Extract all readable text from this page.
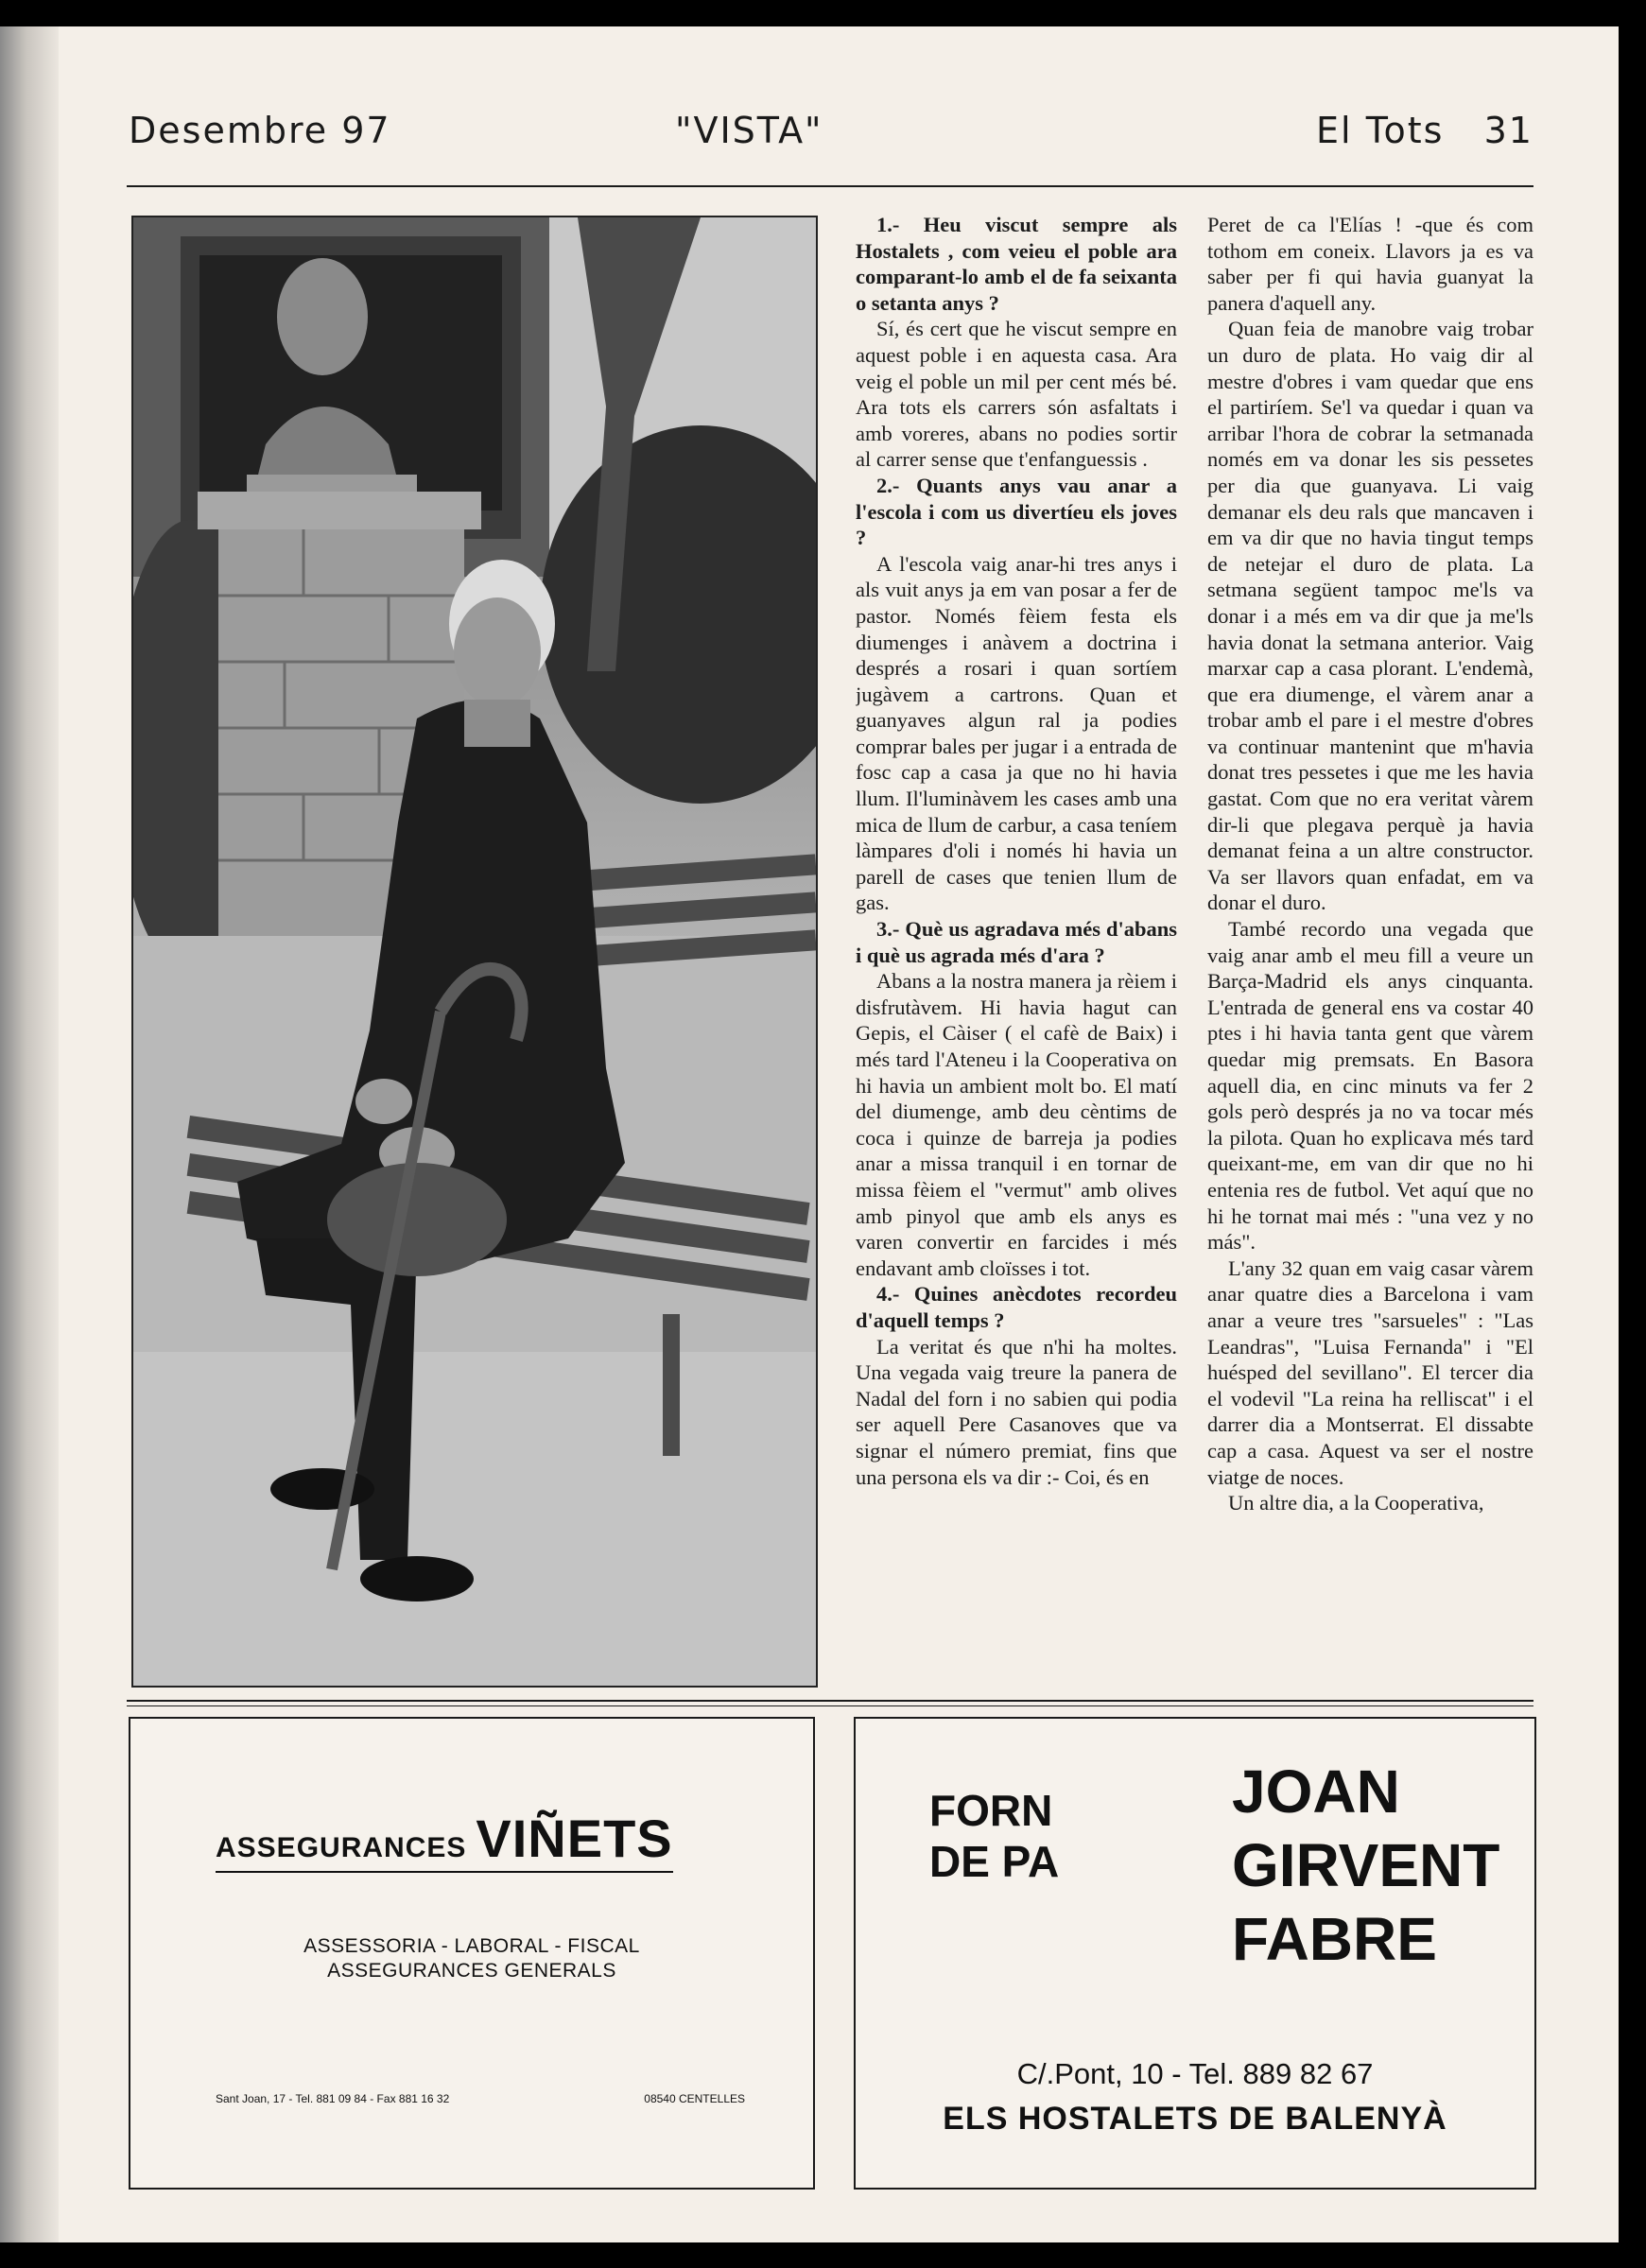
Desembre 97	"VISTA"	El Tots   31

1.- Heu viscut sempre als Hostalets , com veieu el poble ara comparant-lo amb el de fa seixanta o setanta anys ?

Sí, és cert que he viscut sempre en aquest poble i en aquesta casa. Ara veig el poble un mil per cent més bé. Ara tots els carrers són asfaltats i amb voreres, abans no podies sortir al carrer sense que t'enfanguessis .

2.- Quants anys vau anar a l'escola i com us divertíeu els joves ?

A l'escola vaig anar-hi tres anys i als vuit anys ja em van posar a fer de pastor. Només fèiem festa els diumenges i anàvem a doctrina i després a rosari i quan sortíem jugàvem a cartrons. Quan et guanyaves algun ral ja podies comprar bales per jugar i a entrada de fosc cap a casa ja que no hi havia llum. Il'luminàvem les cases amb una mica de llum de carbur, a casa teníem làmpares d'oli i només hi havia un parell de cases que tenien llum de gas.

3.- Què us agradava més d'abans i què us agrada més d'ara ?

Abans a la nostra manera ja rèiem i disfrutàvem. Hi havia hagut can Gepis, el Càiser ( el cafè de Baix) i més tard l'Ateneu i la Cooperativa on hi havia un ambient molt bo. El matí del diumenge, amb deu cèntims de coca i quinze de barreja ja podies anar a missa tranquil i en tornar de missa fèiem el "vermut" amb olives amb pinyol que amb els anys es varen convertir en farcides i més endavant amb cloïsses i tot.

4.- Quines anècdotes recordeu d'aquell temps ?

La veritat és que n'hi ha moltes. Una vegada vaig treure la panera de Nadal del forn i no sabien qui podia ser aquell Pere Casanoves que va signar el número premiat, fins que una persona els va dir :- Coi, és en

Peret de ca l'Elías ! -que és com tothom em coneix. Llavors ja es va saber per fi qui havia guanyat la panera d'aquell any.

Quan feia de manobre vaig trobar un duro de plata. Ho vaig dir al mestre d'obres i vam quedar que ens el partiríem. Se'l va quedar i quan va arribar l'hora de cobrar la setmanada només em va donar les sis pessetes per dia que guanyava. Li vaig demanar els deu rals que mancaven i em va dir que no havia tingut temps de netejar el duro de plata. La setmana següent tampoc me'ls va donar i a més em va dir que ja me'ls havia donat la setmana anterior. Vaig marxar cap a casa plorant. L'endemà, que era diumenge, el vàrem anar a trobar amb el pare i el mestre d'obres va continuar mantenint que m'havia donat tres pessetes i que me les havia gastat. Com que no era veritat vàrem dir-li que plegava perquè ja havia demanat feina a un altre constructor. Va ser llavors quan enfadat, em va donar el duro.

També recordo una vegada que vaig anar amb el meu fill a veure un Barça-Madrid els anys cinquanta. L'entrada de general ens va costar 40 ptes i hi havia tanta gent que vàrem quedar mig premsats. En Basora aquell dia, en cinc minuts va fer 2 gols però després ja no va tocar més la pilota. Quan ho explicava més tard queixant-me, em van dir que no hi entenia res de futbol. Vet aquí que no hi he tornat mai més : "una vez y no más".

L'any 32 quan em vaig casar vàrem anar quatre dies a Barcelona i vam anar a veure tres "sarsueles" : "Las Leandras", "Luisa Fernanda" i "El huésped del sevillano". El tercer dia el vodevil "La reina ha relliscat" i el darrer dia a Montserrat. El dissabte cap a casa. Aquest va ser el nostre viatge de noces.

Un altre dia, a la Cooperativa,

ASSEGURANCES VIÑETS
ASSESSORIA - LABORAL - FISCAL
ASSEGURANCES GENERALS
Sant Joan, 17 - Tel. 881 09 84 - Fax 881 16 32	08540 CENTELLES
FORN
DE PA
JOAN
GIRVENT
FABRE
C/.Pont, 10 - Tel. 889 82 67
ELS HOSTALETS DE BALENYÀ
